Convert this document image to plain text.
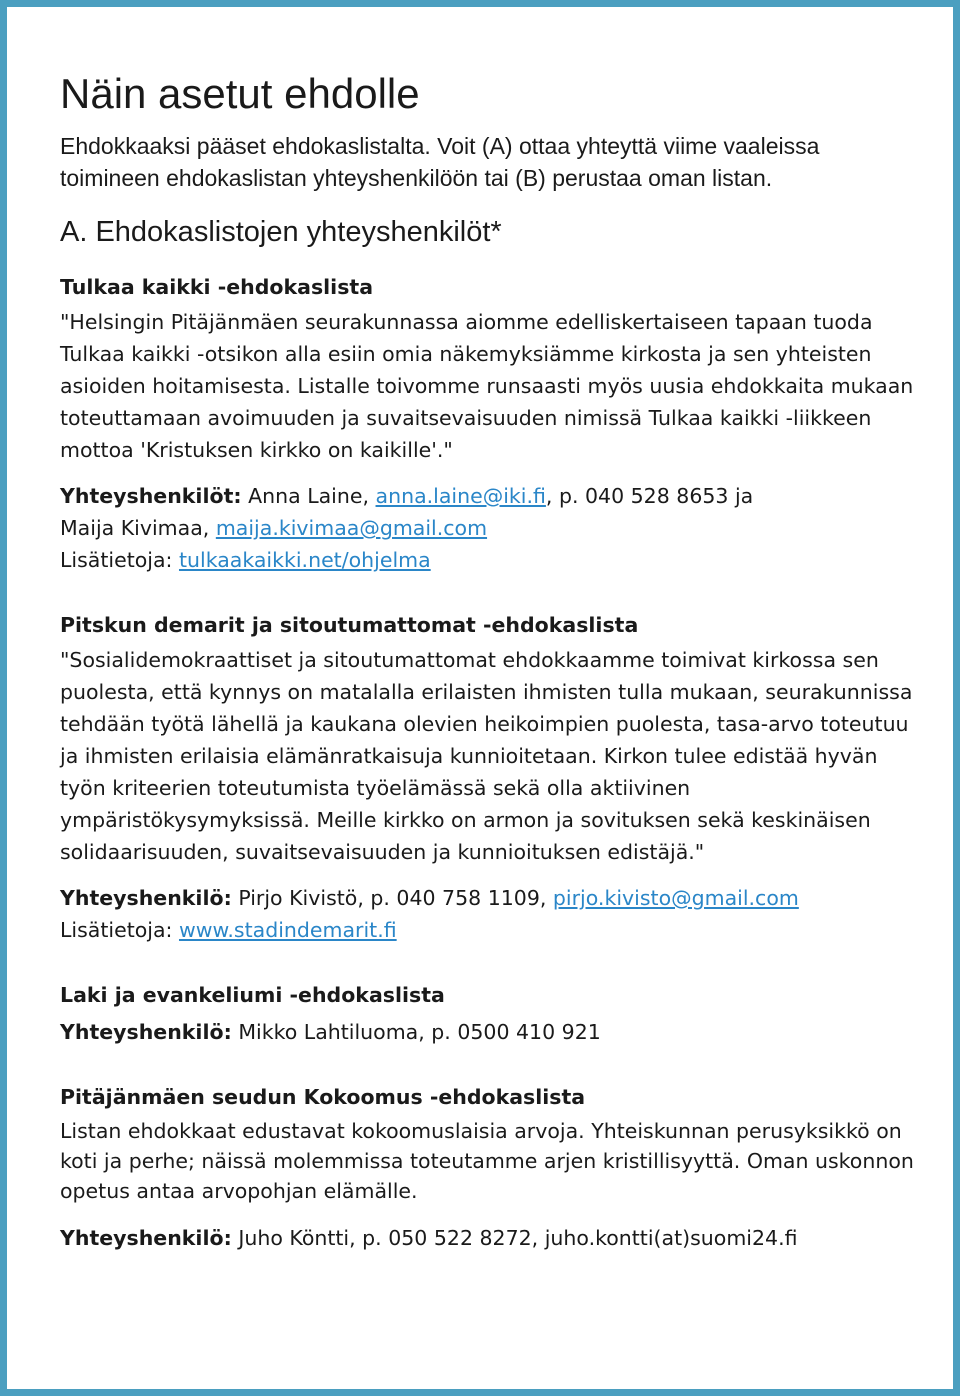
Näin asetut ehdolle

Ehdokkaaksi pääset ehdokaslistalta. Voit (A) ottaa yhteyttä viime vaaleissa toimineen ehdokaslistan yhteyshenkilöön tai (B) perustaa oman listan.

A. Ehdokaslistojen yhteyshenkilöt*
Tulkaa kaikki -ehdokaslista

"Helsingin Pitäjänmäen seurakunnassa aiomme edelliskertaiseen tapaan tuoda Tulkaa kaikki -otsikon alla esiin omia näkemyksiämme kirkosta ja sen yhteisten asioiden hoitamisesta. Listalle toivomme runsaasti myös uusia ehdokkaita mukaan toteuttamaan avoimuuden ja suvaitsevaisuuden nimissä Tulkaa kaikki -liikkeen mottoa 'Kristuksen kirkko on kaikille'."

Yhteyshenkilöt: Anna Laine, anna.laine@iki.fi, p. 040 528 8653 ja

Maija Kivimaa, maija.kivimaa@gmail.com

Lisätietoja: tulkaakaikki.net/ohjelma

Pitskun demarit ja sitoutumattomat -ehdokaslista

"Sosialidemokraattiset ja sitoutumattomat ehdokkaamme toimivat kirkossa sen puolesta, että kynnys on matalalla erilaisten ihmisten tulla mukaan, seurakunnissa tehdään työtä lähellä ja kaukana olevien heikoimpien puolesta, tasa-arvo toteutuu ja ihmisten erilaisia elämänratkaisuja kunnioitetaan. Kirkon tulee edistää hyvän työn kriteerien toteutumista työelämässä sekä olla aktiivinen ympäristökysymyksissä. Meille kirkko on armon ja sovituksen sekä keskinäisen solidaarisuuden, suvaitsevaisuuden ja kunnioituksen edistäjä."

Yhteyshenkilö: Pirjo Kivistö, p. 040 758 1109, pirjo.kivisto@gmail.com

Lisätietoja: www.stadindemarit.fi

Laki ja evankeliumi -ehdokaslista

Yhteyshenkilö: Mikko Lahtiluoma, p. 0500 410 921

Pitäjänmäen seudun Kokoomus -ehdokaslista

Listan ehdokkaat edustavat kokoomuslaisia arvoja. Yhteiskunnan perusyksikkö on koti ja perhe; näissä molemmissa toteutamme arjen kristillisyyttä. Oman uskonnon opetus antaa arvopohjan elämälle.

Yhteyshenkilö: Juho Köntti, p. 050 522 8272, juho.kontti(at)suomi24.fi
